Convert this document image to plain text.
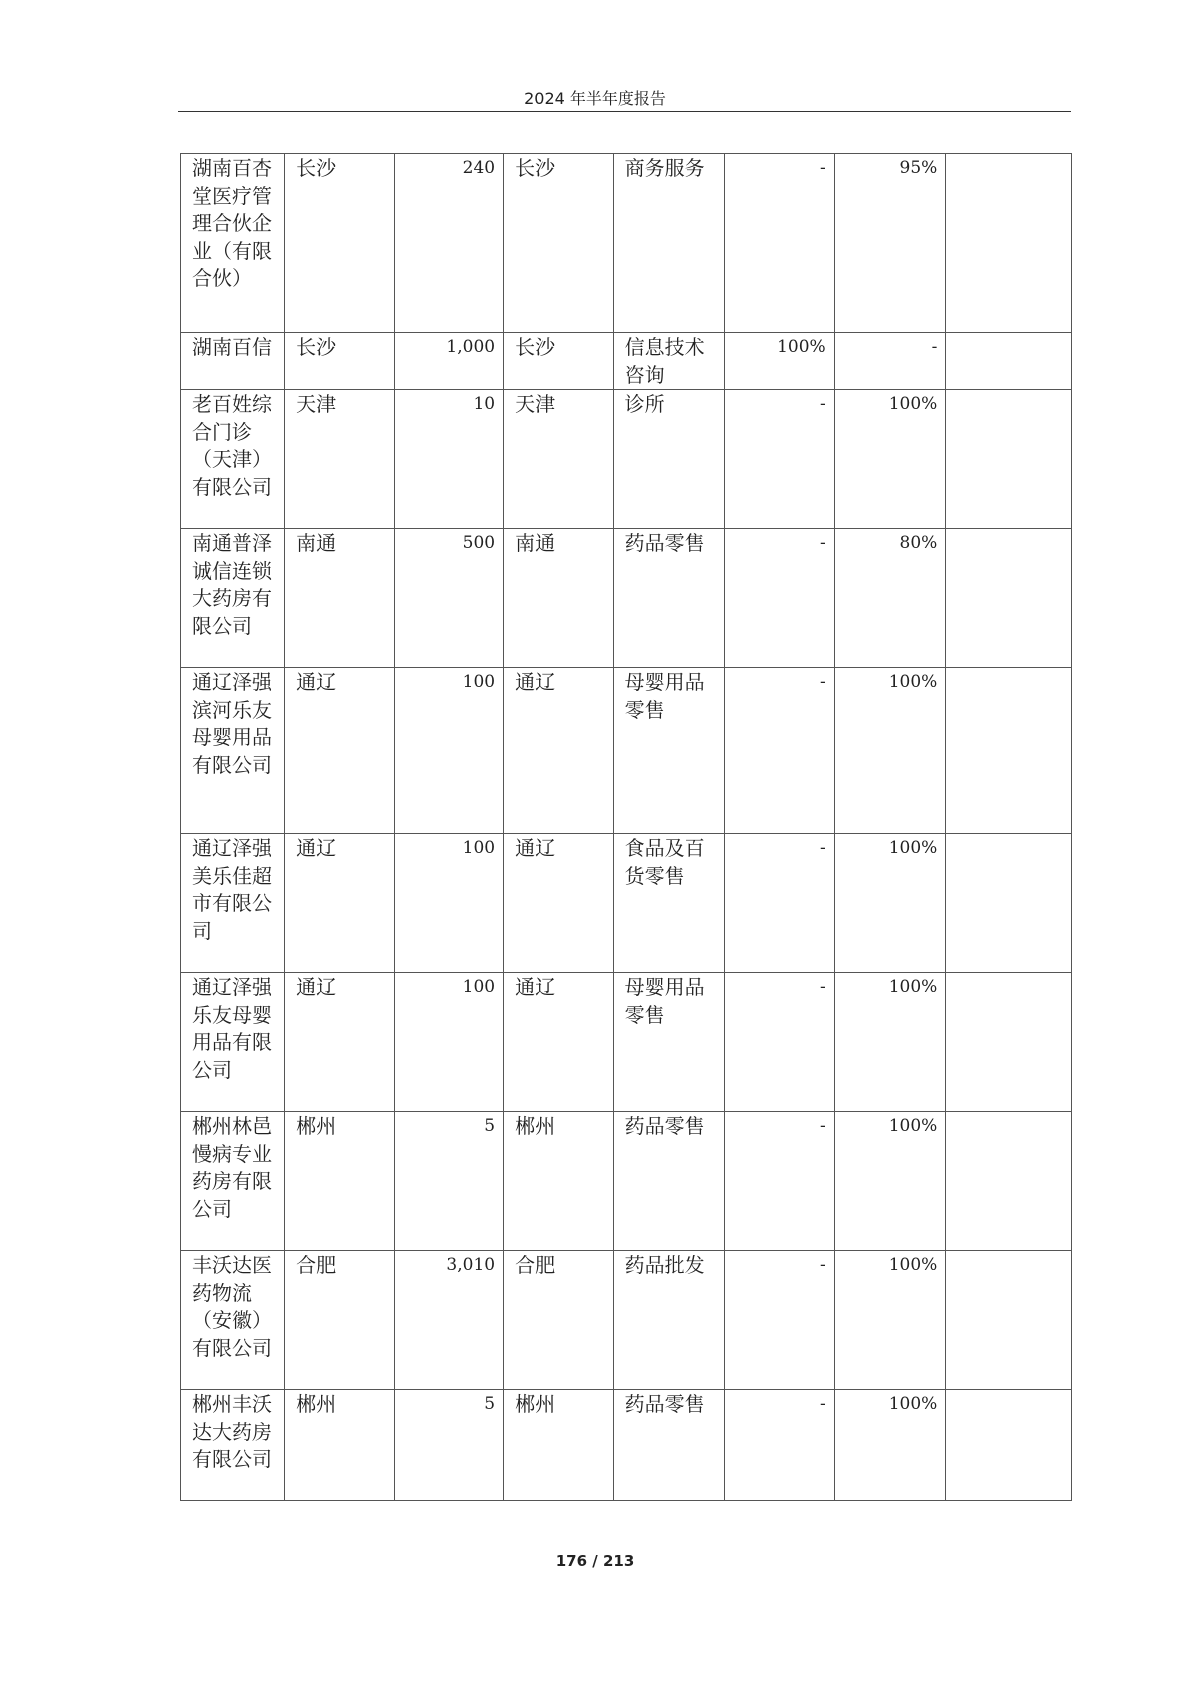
2024 年半年度报告
湖南百杏堂医疗管理合伙企业（有限合伙）	长沙	240	长沙	商务服务	-	95%	
湖南百信	长沙	1,000	长沙	信息技术咨询	100%	-	
老百姓综合门诊（天津）有限公司	天津	10	天津	诊所	-	100%	
南通普泽诚信连锁大药房有限公司	南通	500	南通	药品零售	-	80%	
通辽泽强滨河乐友母婴用品有限公司	通辽	100	通辽	母婴用品零售	-	100%	
通辽泽强美乐佳超市有限公司	通辽	100	通辽	食品及百货零售	-	100%	
通辽泽强乐友母婴用品有限公司	通辽	100	通辽	母婴用品零售	-	100%	
郴州林邑慢病专业药房有限公司	郴州	5	郴州	药品零售	-	100%	
丰沃达医药物流（安徽）有限公司	合肥	3,010	合肥	药品批发	-	100%	
郴州丰沃达大药房有限公司	郴州	5	郴州	药品零售	-	100%	
176 / 213
